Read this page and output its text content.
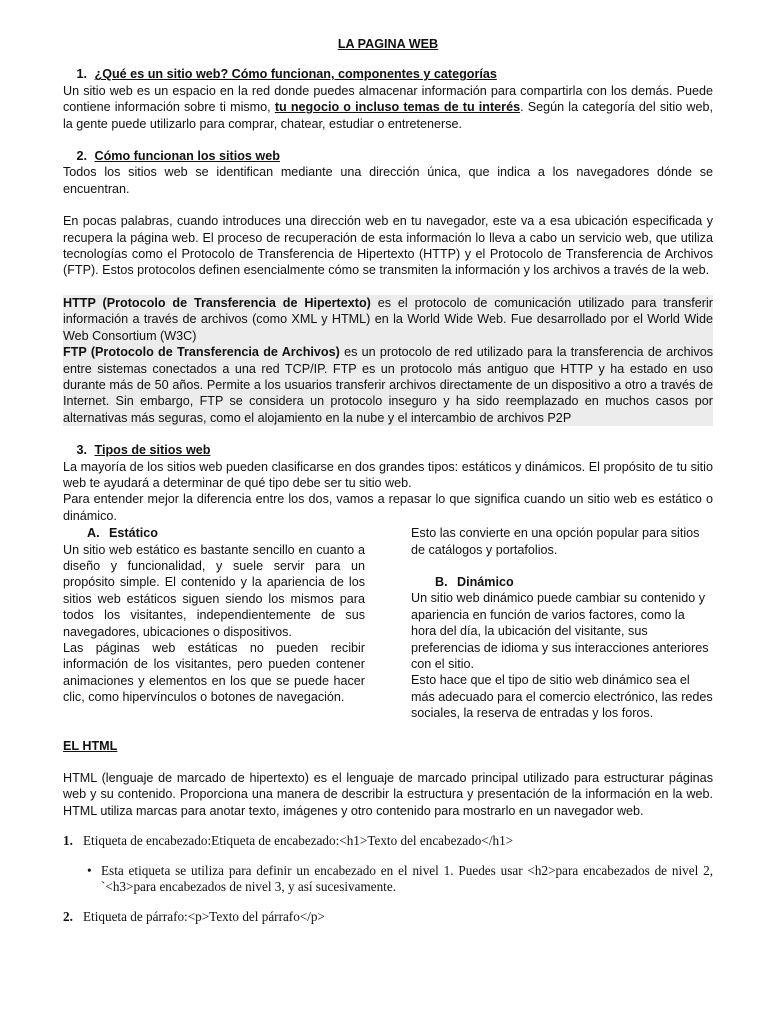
LA PAGINA WEB
1. ¿Qué es un sitio web? Cómo funcionan, componentes y categorías

Un sitio web es un espacio en la red donde puedes almacenar información para compartirla con los demás. Puede contiene información sobre ti mismo, tu negocio o incluso temas de tu interés. Según la categoría del sitio web, la gente puede utilizarlo para comprar, chatear, estudiar o entretenerse.

2. Cómo funcionan los sitios web

Todos los sitios web se identifican mediante una dirección única, que indica a los navegadores dónde se encuentran.

En pocas palabras, cuando introduces una dirección web en tu navegador, este va a esa ubicación especificada y recupera la página web. El proceso de recuperación de esta información lo lleva a cabo un servicio web, que utiliza tecnologías como el Protocolo de Transferencia de Hipertexto (HTTP) y el Protocolo de Transferencia de Archivos (FTP). Estos protocolos definen esencialmente cómo se transmiten la información y los archivos a través de la web.

HTTP (Protocolo de Transferencia de Hipertexto) es el protocolo de comunicación utilizado para transferir información a través de archivos (como XML y HTML) en la World Wide Web. Fue desarrollado por el World Wide Web Consortium (W3C)

FTP (Protocolo de Transferencia de Archivos) es un protocolo de red utilizado para la transferencia de archivos entre sistemas conectados a una red TCP/IP. FTP es un protocolo más antiguo que HTTP y ha estado en uso durante más de 50 años. Permite a los usuarios transferir archivos directamente de un dispositivo a otro a través de Internet. Sin embargo, FTP se considera un protocolo inseguro y ha sido reemplazado en muchos casos por alternativas más seguras, como el alojamiento en la nube y el intercambio de archivos P2P

3. Tipos de sitios web

La mayoría de los sitios web pueden clasificarse en dos grandes tipos: estáticos y dinámicos. El propósito de tu sitio web te ayudará a determinar de qué tipo debe ser tu sitio web.

Para entender mejor la diferencia entre los dos, vamos a repasar lo que significa cuando un sitio web es estático o dinámico.

A. Estático

Un sitio web estático es bastante sencillo en cuanto a diseño y funcionalidad, y suele servir para un propósito simple. El contenido y la apariencia de los sitios web estáticos siguen siendo los mismos para todos los visitantes, independientemente de sus navegadores, ubicaciones o dispositivos.

Las páginas web estáticas no pueden recibir información de los visitantes, pero pueden contener animaciones y elementos en los que se puede hacer clic, como hipervínculos o botones de navegación.

Esto las convierte en una opción popular para sitios de catálogos y portafolios.

B. Dinámico

Un sitio web dinámico puede cambiar su contenido y apariencia en función de varios factores, como la hora del día, la ubicación del visitante, sus preferencias de idioma y sus interacciones anteriores con el sitio.

Esto hace que el tipo de sitio web dinámico sea el más adecuado para el comercio electrónico, las redes sociales, la reserva de entradas y los foros.

EL HTML

HTML (lenguaje de marcado de hipertexto) es el lenguaje de marcado principal utilizado para estructurar páginas web y su contenido. Proporciona una manera de describir la estructura y presentación de la información en la web. HTML utiliza marcas para anotar texto, imágenes y otro contenido para mostrarlo en un navegador web.

1. Etiqueta de encabezado:Etiqueta de encabezado:<h1>Texto del encabezado</h1>
• Esta etiqueta se utiliza para definir un encabezado en el nivel 1. Puedes usar <h2>para encabezados de nivel 2, `<h3>para encabezados de nivel 3, y así sucesivamente.
2. Etiqueta de párrafo:<p>Texto del párrafo</p>
